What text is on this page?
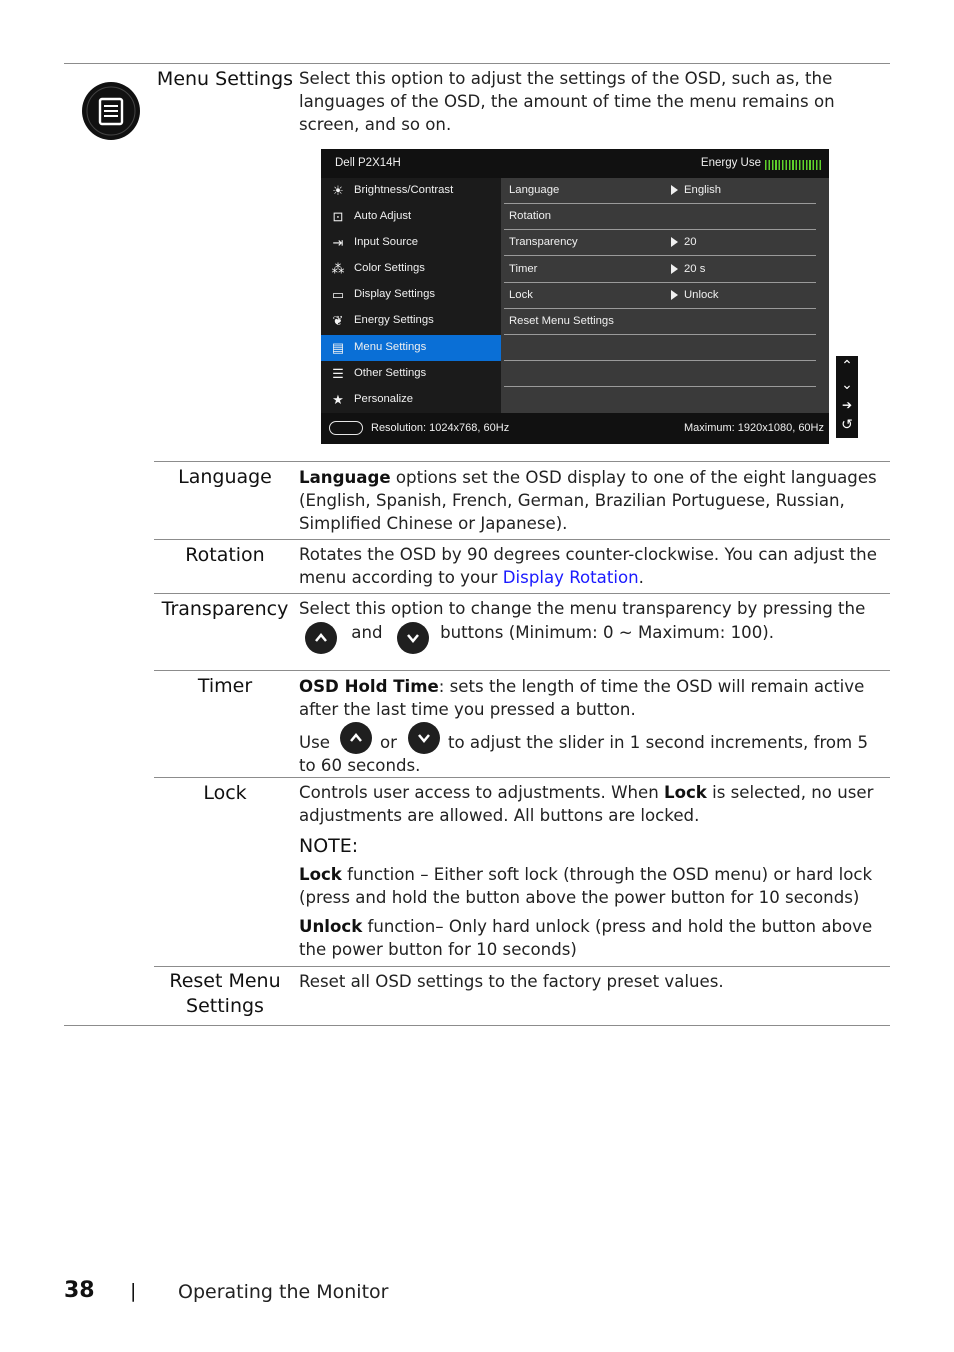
Menu Settings Select this option to adjust the settings of the OSD, such as, the languages of the OSD, the amount of time the menu remains on screen, and so on.
Dell P2X14H	Energy Use
☀ Brightness/Contrast
⊡ Auto Adjust
⇥ Input Source
⁂ Color Settings
▭ Display Settings
❦ Energy Settings
▤ Menu Settings
☰ Other Settings
★ Personalize
Language	English
Rotation
Transparency	20
Timer	20 s
Lock	Unlock
Reset Menu Settings
Resolution: 1024x768, 60Hz	Maximum: 1920x1080, 60Hz
⌃
⌄
➔
↺
Language	Language options set the OSD display to one of the eight languages (English, Spanish, French, German, Brazilian Portuguese, Russian, Simplified Chinese or Japanese).
Rotation	Rotates the OSD by 90 degrees counter-clockwise. You can adjust the menu according to your Display Rotation.
Transparency Select this option to change the menu transparency by pressing the

and	buttons (Minimum: 0 ~ Maximum: 100).
Timer	OSD Hold Time: sets the length of time the OSD will remain active after the last time you pressed a button.

Use	or	to adjust the slider in 1 second increments, from 5 to 60 seconds.
Lock	Controls user access to adjustments. When Lock is selected, no user adjustments are allowed. All buttons are locked.

NOTE:

Lock function – Either soft lock (through the OSD menu) or hard lock (press and hold the button above the power button for 10 seconds)

Unlock function– Only hard unlock (press and hold the button above the power button for 10 seconds)

Reset Menu Settings
Reset all OSD settings to the factory preset values.
38 | Operating the Monitor
